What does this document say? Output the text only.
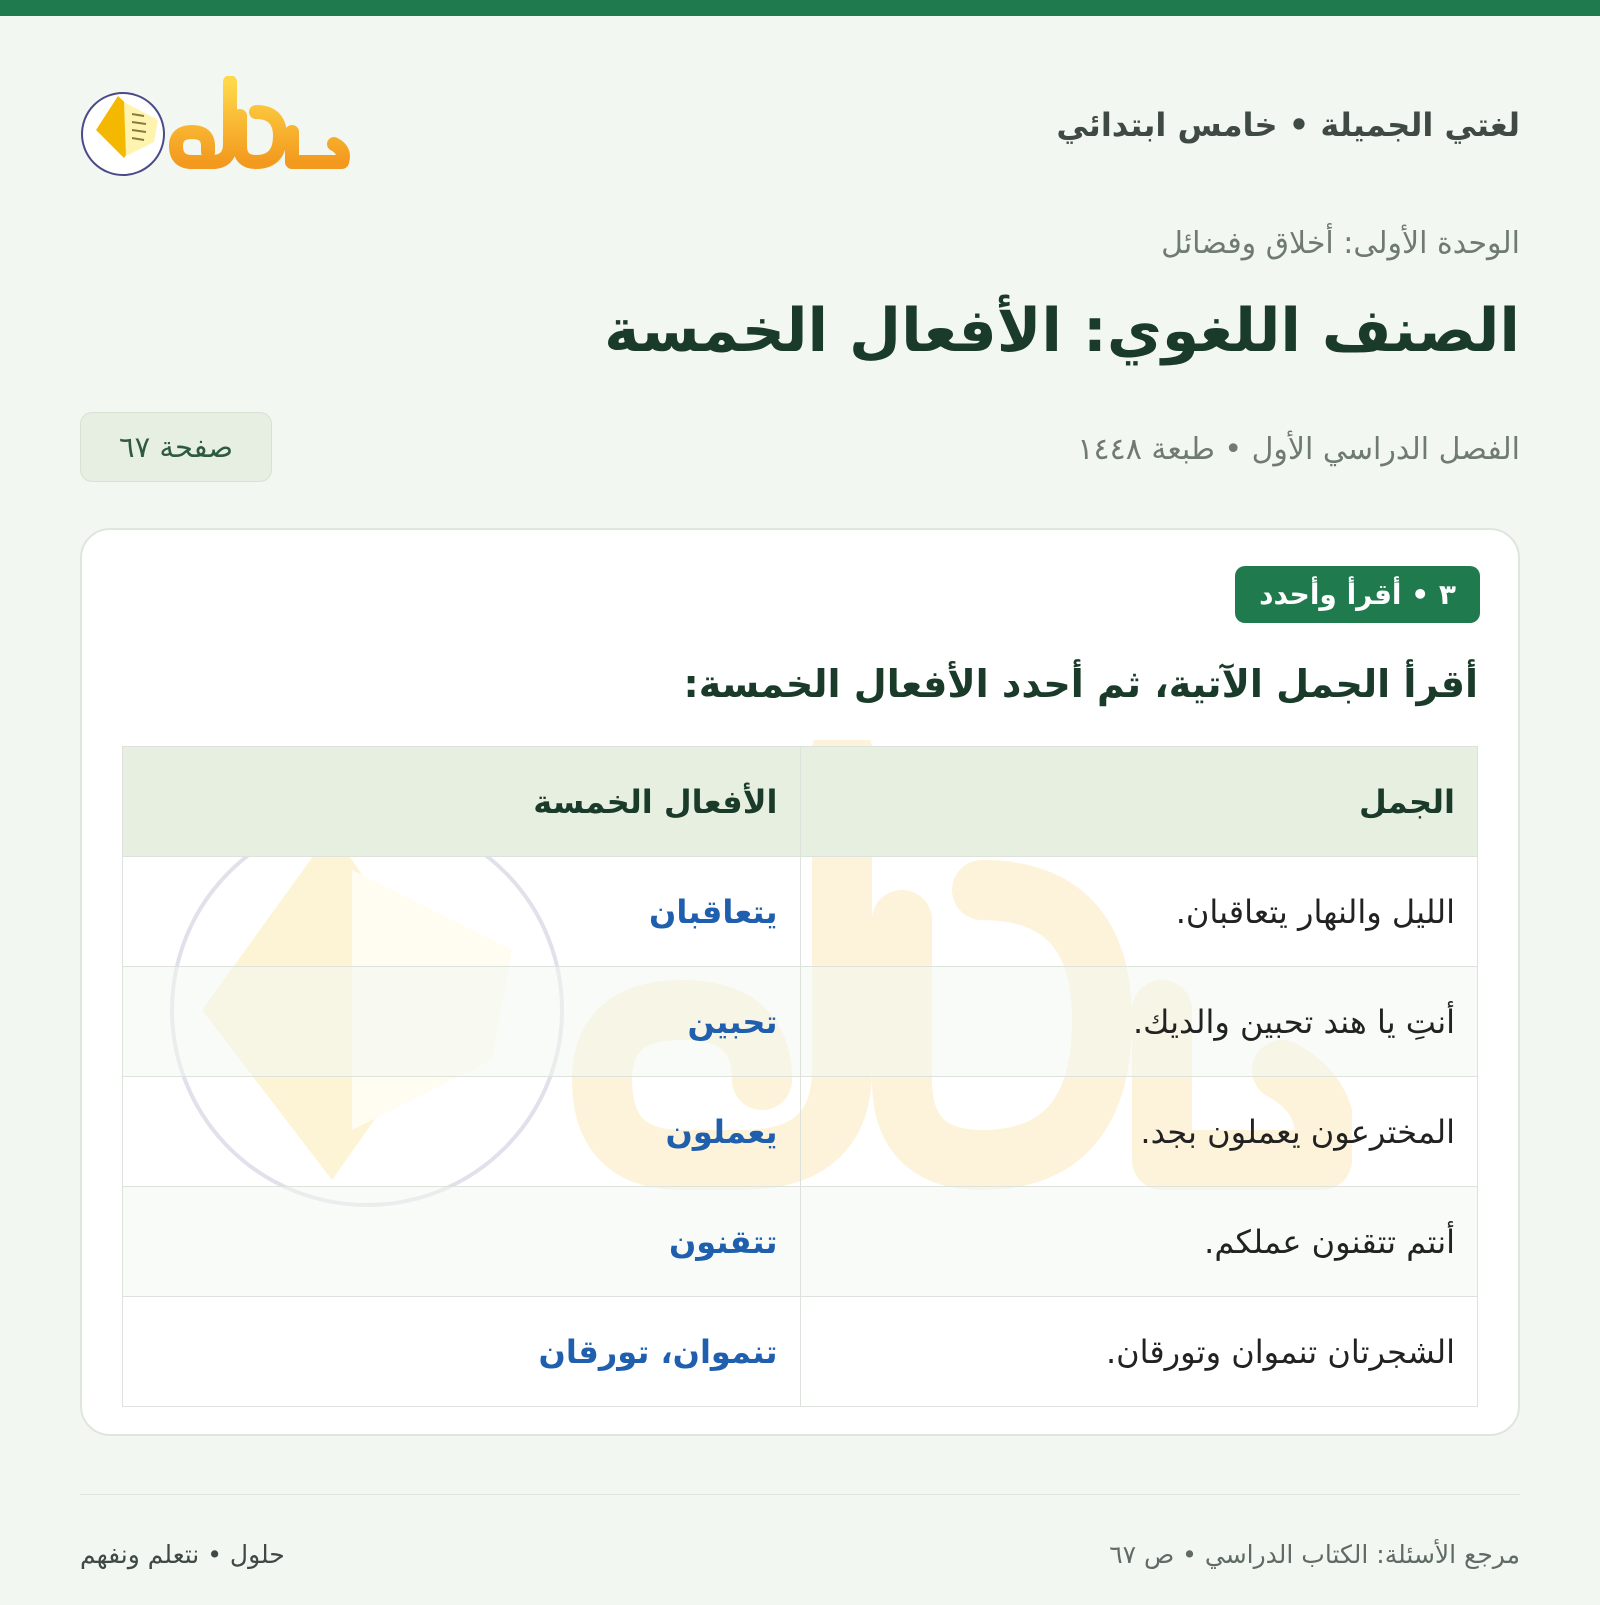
لغتي الجميلة • خامس ابتدائي
الوحدة الأولى: أخلاق وفضائل
الصنف اللغوي: الأفعال الخمسة
الفصل الدراسي الأول • طبعة ١٤٤٨
صفحة ٦٧
٣ • أقرأ وأحدد
أقرأ الجمل الآتية، ثم أحدد الأفعال الخمسة:
الجمل	الأفعال الخمسة
الليل والنهار يتعاقبان.	يتعاقبان
أنتِ يا هند تحبين والديك.	تحبين
المخترعون يعملون بجد.	يعملون
أنتم تتقنون عملكم.	تتقنون
الشجرتان تنموان وتورقان.	تنموان، تورقان
مرجع الأسئلة: الكتاب الدراسي • ص ٦٧
حلول • نتعلم ونفهم
